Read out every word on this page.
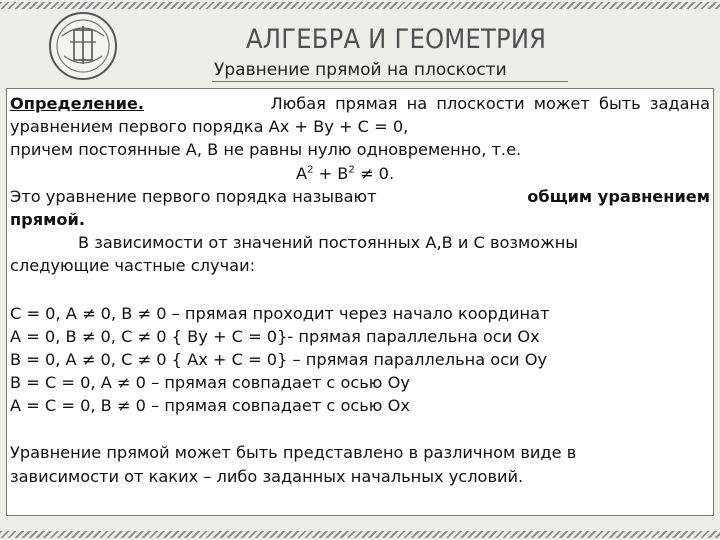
АЛГЕБРА И ГЕОМЕТРИЯ
Уравнение прямой на плоскости
Определение.	Любая прямая на плоскости может быть задана
уравнением первого порядка Ах + Ву + С = 0,
причем постоянные А, В не равны нулю одновременно, т.е.
$А^2 + В^2 \ne 0$.
Это уравнение первого порядка называют	общим уравнением
прямой.
В зависимости от значений постоянных А,В и С возможны
следующие частные случаи:
C = 0, А ≠ 0, В ≠ 0 – прямая проходит через начало координат
А = 0, В ≠ 0, С ≠ 0 { By + C = 0}- прямая параллельна оси Ох
В = 0, А ≠ 0, С ≠ 0 { Ax + C = 0} – прямая параллельна оси Оу
В = С = 0, А ≠ 0 – прямая совпадает с осью Оу
А = С = 0, В ≠ 0 – прямая совпадает с осью Ох
Уравнение прямой может быть представлено в различном виде в
зависимости от каких – либо заданных начальных условий.
